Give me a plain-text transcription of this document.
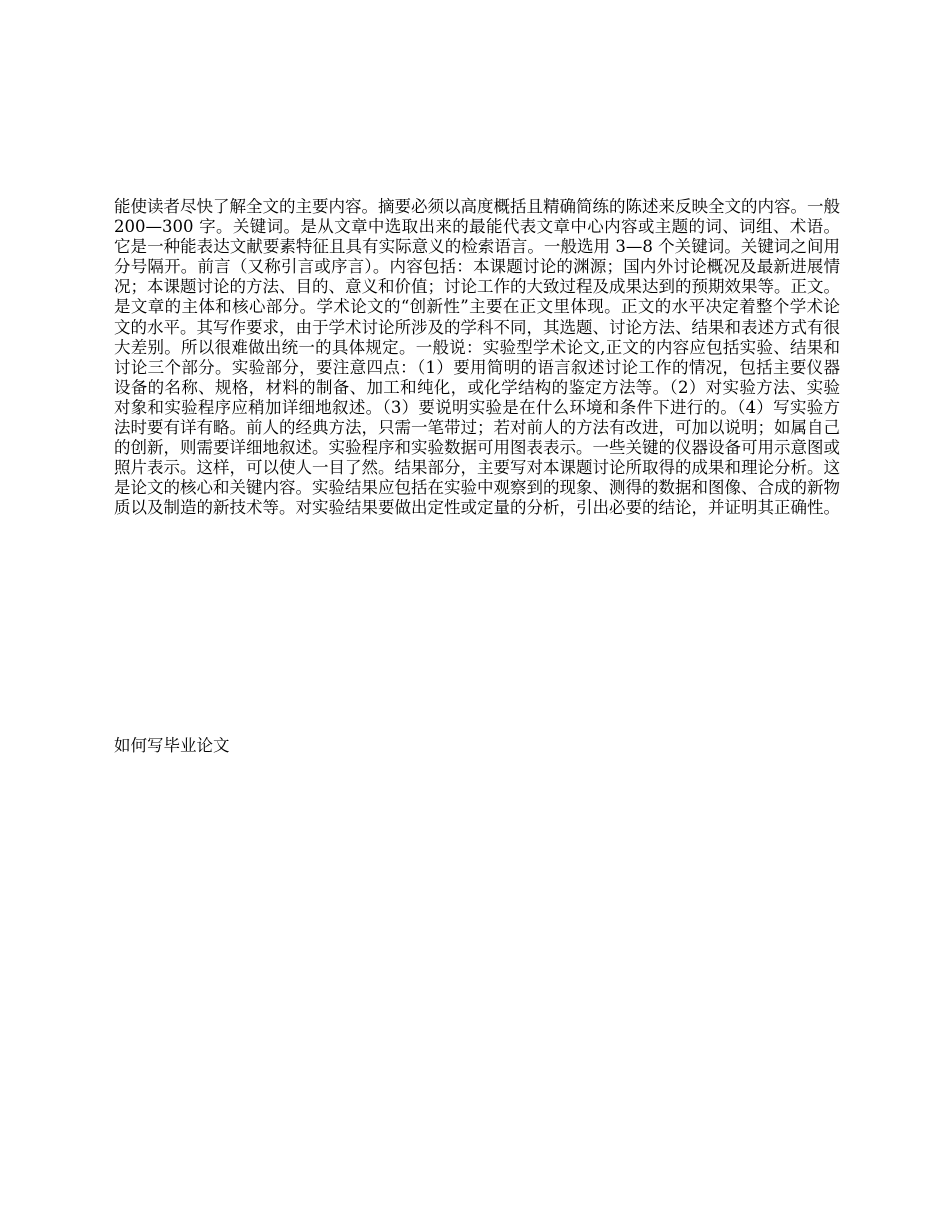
能使读者尽快了解全文的主要内容。摘要必须以高度概括且精确简练的陈述来反映全文的内容。一般 200—300 字。关键词。是从文章中选取出来的最能代表文章中心内容或主题的词、词组、术语。它是一种能表达文献要素特征且具有实际意义的检索语言。一般选用 3—8 个关键词。关键词之间用分号隔开。前言（又称引言或序言）。内容包括：本课题讨论的渊源；国内外讨论概况及最新进展情况；本课题讨论的方法、目的、意义和价值；讨论工作的大致过程及成果达到的预期效果等。正文。是文章的主体和核心部分。学术论文的“创新性”主要在正文里体现。正文的水平决定着整个学术论文的水平。其写作要求，由于学术讨论所涉及的学科不同，其选题、讨论方法、结果和表述方式有很大差别。所以很难做出统一的具体规定。一般说：实验型学术论文,正文的内容应包括实验、结果和讨论三个部分。实验部分，要注意四点：（1）要用简明的语言叙述讨论工作的情况，包括主要仪器设备的名称、规格，材料的制备、加工和纯化，或化学结构的鉴定方法等。（2）对实验方法、实验对象和实验程序应稍加详细地叙述。（3）要说明实验是在什么环境和条件下进行的。（4）写实验方法时要有详有略。前人的经典方法，只需一笔带过；若对前人的方法有改进，可加以说明；如属自己的创新，则需要详细地叙述。实验程序和实验数据可用图表表示。一些关键的仪器设备可用示意图或照片表示。这样，可以使人一目了然。结果部分，主要写对本课题讨论所取得的成果和理论分析。这是论文的核心和关键内容。实验结果应包括在实验中观察到的现象、测得的数据和图像、合成的新物质以及制造的新技术等。对实验结果要做出定性或定量的分析，引出必要的结论，并证明其正确性。

如何写毕业论文
